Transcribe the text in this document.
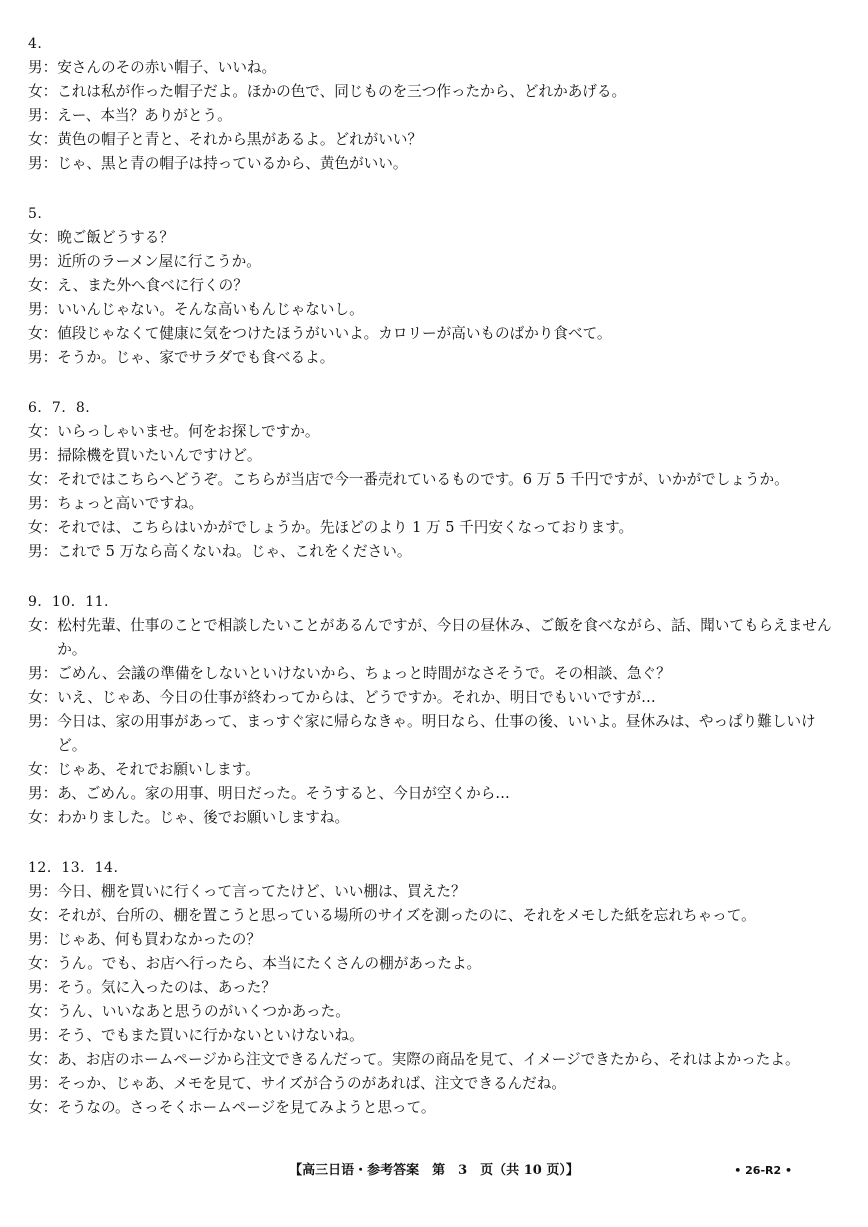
4.
男： 安さんのその赤い帽子、いいね。
女： これは私が作った帽子だよ。ほかの色で、同じものを三つ作ったから、どれかあげる。
男： えー、本当？ありがとう。
女： 黄色の帽子と青と、それから黒があるよ。どれがいい？
男： じゃ、黒と青の帽子は持っているから、黄色がいい。
5.
女： 晩ご飯どうする？
男： 近所のラーメン屋に行こうか。
女： え、また外へ食べに行くの？
男： いいんじゃない。そんな高いもんじゃないし。
女： 値段じゃなくて健康に気をつけたほうがいいよ。カロリーが高いものばかり食べて。
男： そうか。じゃ、家でサラダでも食べるよ。
6．7．8.
女： いらっしゃいませ。何をお探しですか。
男： 掃除機を買いたいんですけど。
女： それではこちらへどうぞ。こちらが当店で今一番売れているものです。6 万 5 千円ですが、いかがでしょうか。
男： ちょっと高いですね。
女： それでは、こちらはいかがでしょうか。先ほどのより 1 万 5 千円安くなっております。
男： これで 5 万なら高くないね。じゃ、これをください。
9．10．11.
女： 松村先輩、仕事のことで相談したいことがあるんですが、今日の昼休み、ご飯を食べながら、話、聞いてもらえませんか。
男： ごめん、会議の準備をしないといけないから、ちょっと時間がなさそうで。その相談、急ぐ？
女： いえ、じゃあ、今日の仕事が終わってからは、どうですか。それか、明日でもいいですが…
男： 今日は、家の用事があって、まっすぐ家に帰らなきゃ。明日なら、仕事の後、いいよ。昼休みは、やっぱり難しいけど。
女： じゃあ、それでお願いします。
男： あ、ごめん。家の用事、明日だった。そうすると、今日が空くから…
女： わかりました。じゃ、後でお願いしますね。
12．13．14.
男： 今日、棚を買いに行くって言ってたけど、いい棚は、買えた？
女： それが、台所の、棚を置こうと思っている場所のサイズを測ったのに、それをメモした紙を忘れちゃって。
男： じゃあ、何も買わなかったの？
女： うん。でも、お店へ行ったら、本当にたくさんの棚があったよ。
男： そう。気に入ったのは、あった？
女： うん、いいなあと思うのがいくつかあった。
男： そう、でもまた買いに行かないといけないね。
女： あ、お店のホームページから注文できるんだって。実際の商品を見て、イメージできたから、それはよかったよ。
男： そっか、じゃあ、メモを見て、サイズが合うのがあれば、注文できるんだね。
女： そうなの。さっそくホームページを見てみようと思って。
【高三日语・参考答案　第　3　页（共 10 页）】	• 26-R2 •
